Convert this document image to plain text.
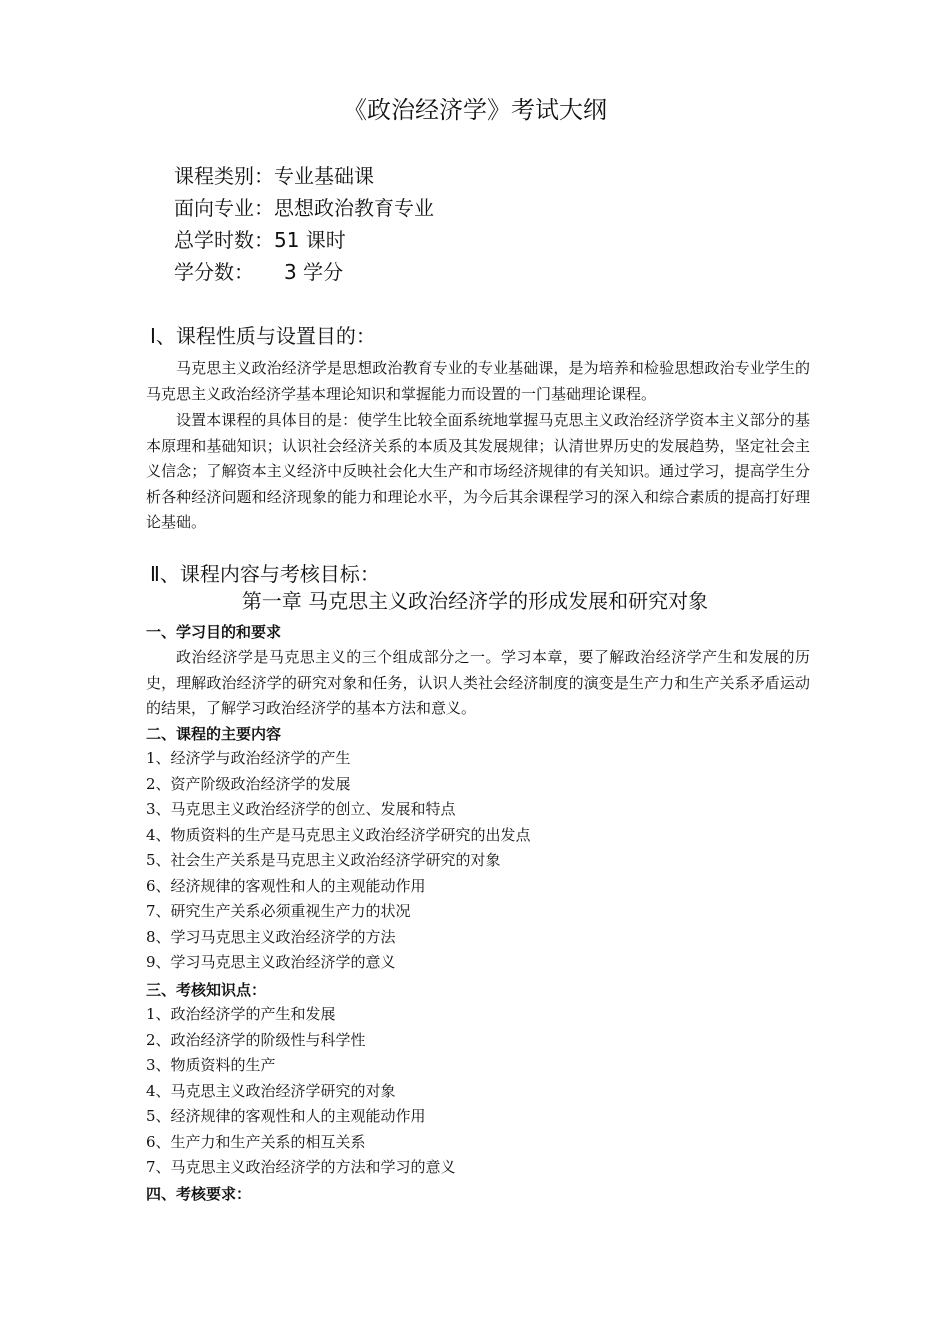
《政治经济学》考试大纲
课程类别： 专业基础课
面向专业： 思想政治教育专业
总学时数： 51 课时
学分数：	3 学分
Ⅰ、课程性质与设置目的：

马克思主义政治经济学是思想政治教育专业的专业基础课，是为培养和检验思想政治专业学生的马克思主义政治经济学基本理论知识和掌握能力而设置的一门基础理论课程。

设置本课程的具体目的是：使学生比较全面系统地掌握马克思主义政治经济学资本主义部分的基本原理和基础知识；认识社会经济关系的本质及其发展规律；认清世界历史的发展趋势，坚定社会主义信念；了解资本主义经济中反映社会化大生产和市场经济规律的有关知识。通过学习，提高学生分析各种经济问题和经济现象的能力和理论水平，为今后其余课程学习的深入和综合素质的提高打好理论基础。

Ⅱ、课程内容与考核目标：
第一章 马克思主义政治经济学的形成发展和研究对象
一、学习目的和要求

政治经济学是马克思主义的三个组成部分之一。学习本章，要了解政治经济学产生和发展的历史，理解政治经济学的研究对象和任务，认识人类社会经济制度的演变是生产力和生产关系矛盾运动的结果，了解学习政治经济学的基本方法和意义。

二、课程的主要内容
1、经济学与政治经济学的产生
2、资产阶级政治经济学的发展
3、马克思主义政治经济学的创立、发展和特点
4、物质资料的生产是马克思主义政治经济学研究的出发点
5、社会生产关系是马克思主义政治经济学研究的对象
6、经济规律的客观性和人的主观能动作用
7、研究生产关系必须重视生产力的状况
8、学习马克思主义政治经济学的方法
9、学习马克思主义政治经济学的意义
三、考核知识点：
1、政治经济学的产生和发展
2、政治经济学的阶级性与科学性
3、物质资料的生产
4、马克思主义政治经济学研究的对象
5、经济规律的客观性和人的主观能动作用
6、生产力和生产关系的相互关系
7、马克思主义政治经济学的方法和学习的意义
四、考核要求：
